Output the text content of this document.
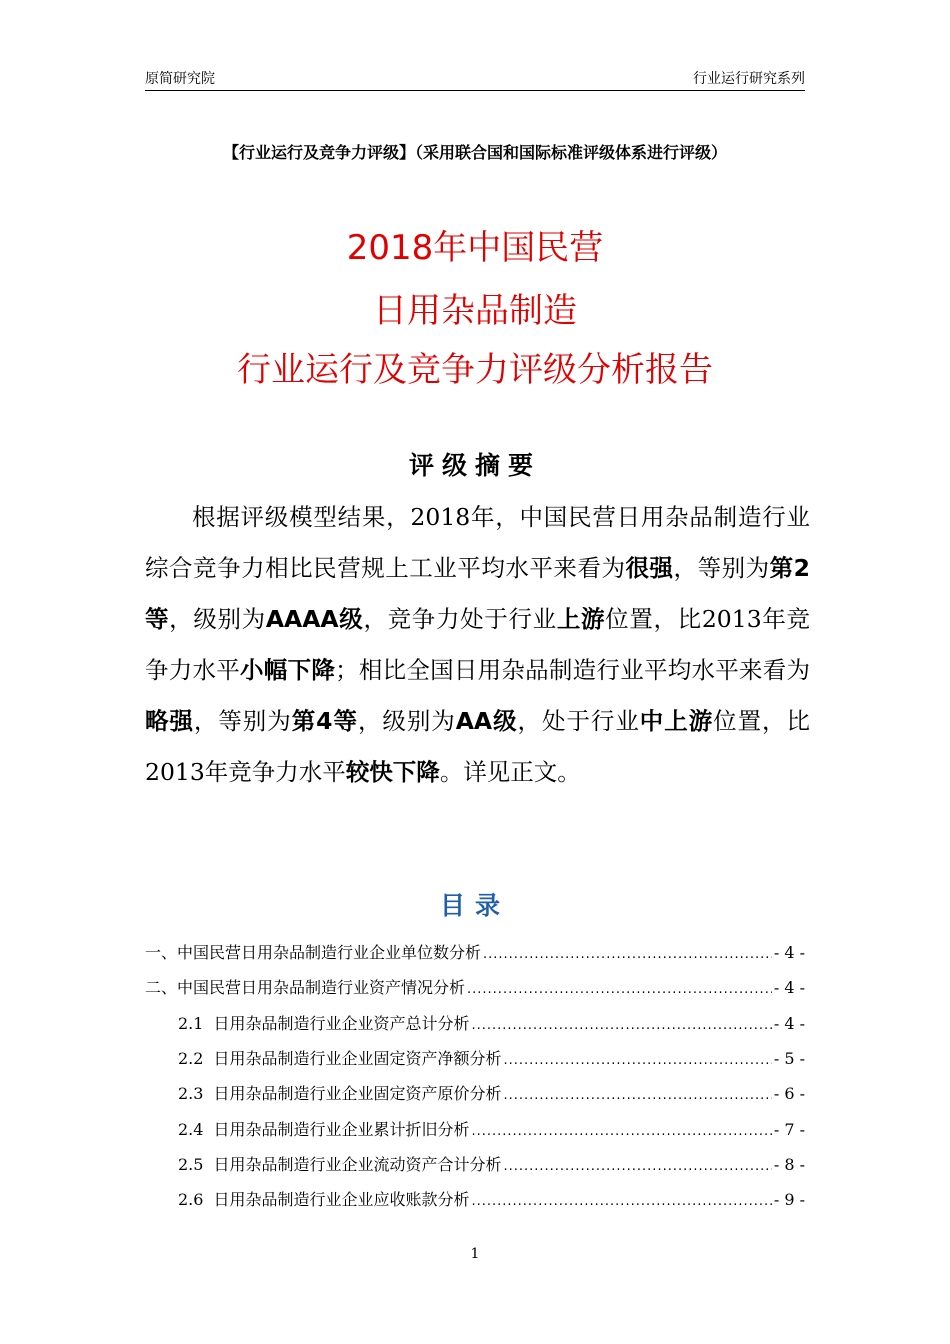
原简研究院	行业运行研究系列
【行业运行及竞争力评级】（采用联合国和国际标准评级体系进行评级）
2018年中国民营
日用杂品制造
行业运行及竞争力评级分析报告
评级摘要
根据评级模型结果，2018年，中国民营日用杂品制造行业综合竞争力相比民营规上工业平均水平来看为很强，等别为第2等，级别为AAAA级，竞争力处于行业上游位置，比2013年竞争力水平小幅下降；相比全国日用杂品制造行业平均水平来看为略强，等别为第4等，级别为AA级，处于行业中上游位置，比2013年竞争力水平较快下降。详见正文。
目录
一、中国民营日用杂品制造行业企业单位数分析 .....	- 4 -
二、中国民营日用杂品制造行业资产情况分析 .....	- 4 -
2.1 日用杂品制造行业企业资产总计分析 .....	- 4 -
2.2 日用杂品制造行业企业固定资产净额分析 .....	- 5 -
2.3 日用杂品制造行业企业固定资产原价分析 .....	- 6 -
2.4 日用杂品制造行业企业累计折旧分析 .....	- 7 -
2.5 日用杂品制造行业企业流动资产合计分析 .....	- 8 -
2.6 日用杂品制造行业企业应收账款分析 .....	- 9 -
1
